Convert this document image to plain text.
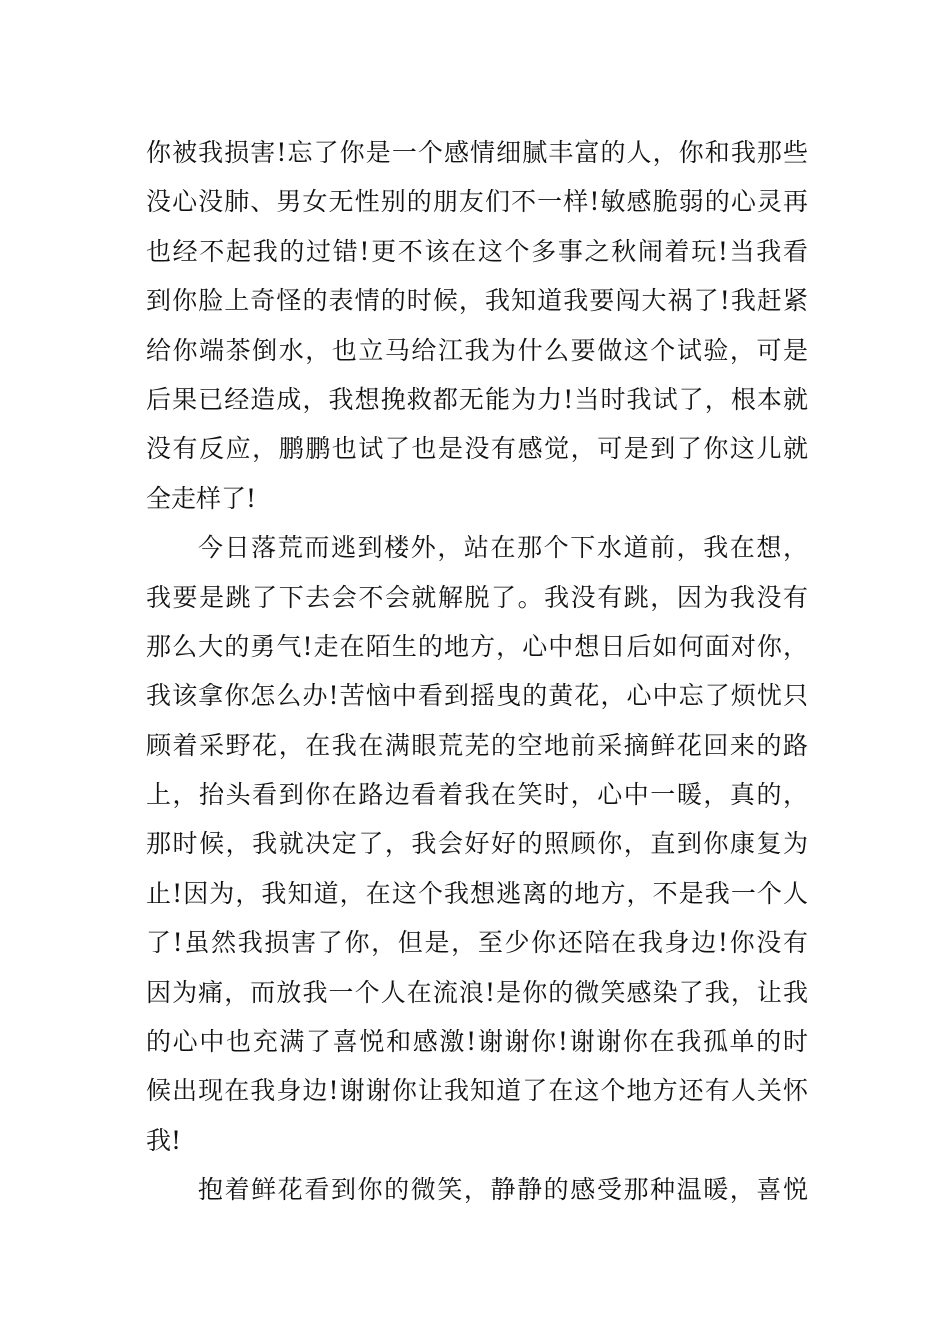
你被我损害!忘了你是一个感情细腻丰富的人，你和我那些
没心没肺、男女无性别的朋友们不一样!敏感脆弱的心灵再
也经不起我的过错!更不该在这个多事之秋闹着玩!当我看
到你脸上奇怪的表情的时候，我知道我要闯大祸了!我赶紧
给你端茶倒水，也立马给江我为什么要做这个试验，可是
后果已经造成，我想挽救都无能为力!当时我试了，根本就
没有反应，鹏鹏也试了也是没有感觉，可是到了你这儿就
全走样了!
今日落荒而逃到楼外，站在那个下水道前，我在想，
我要是跳了下去会不会就解脱了。我没有跳，因为我没有
那么大的勇气!走在陌生的地方，心中想日后如何面对你，
我该拿你怎么办!苦恼中看到摇曳的黄花，心中忘了烦忧只
顾着采野花，在我在满眼荒芜的空地前采摘鲜花回来的路
上，抬头看到你在路边看着我在笑时，心中一暖，真的，
那时候，我就决定了，我会好好的照顾你，直到你康复为
止!因为，我知道，在这个我想逃离的地方，不是我一个人
了!虽然我损害了你，但是，至少你还陪在我身边!你没有
因为痛，而放我一个人在流浪!是你的微笑感染了我，让我
的心中也充满了喜悦和感激!谢谢你!谢谢你在我孤单的时
候出现在我身边!谢谢你让我知道了在这个地方还有人关怀
我!
抱着鲜花看到你的微笑，静静的感受那种温暖，喜悦
